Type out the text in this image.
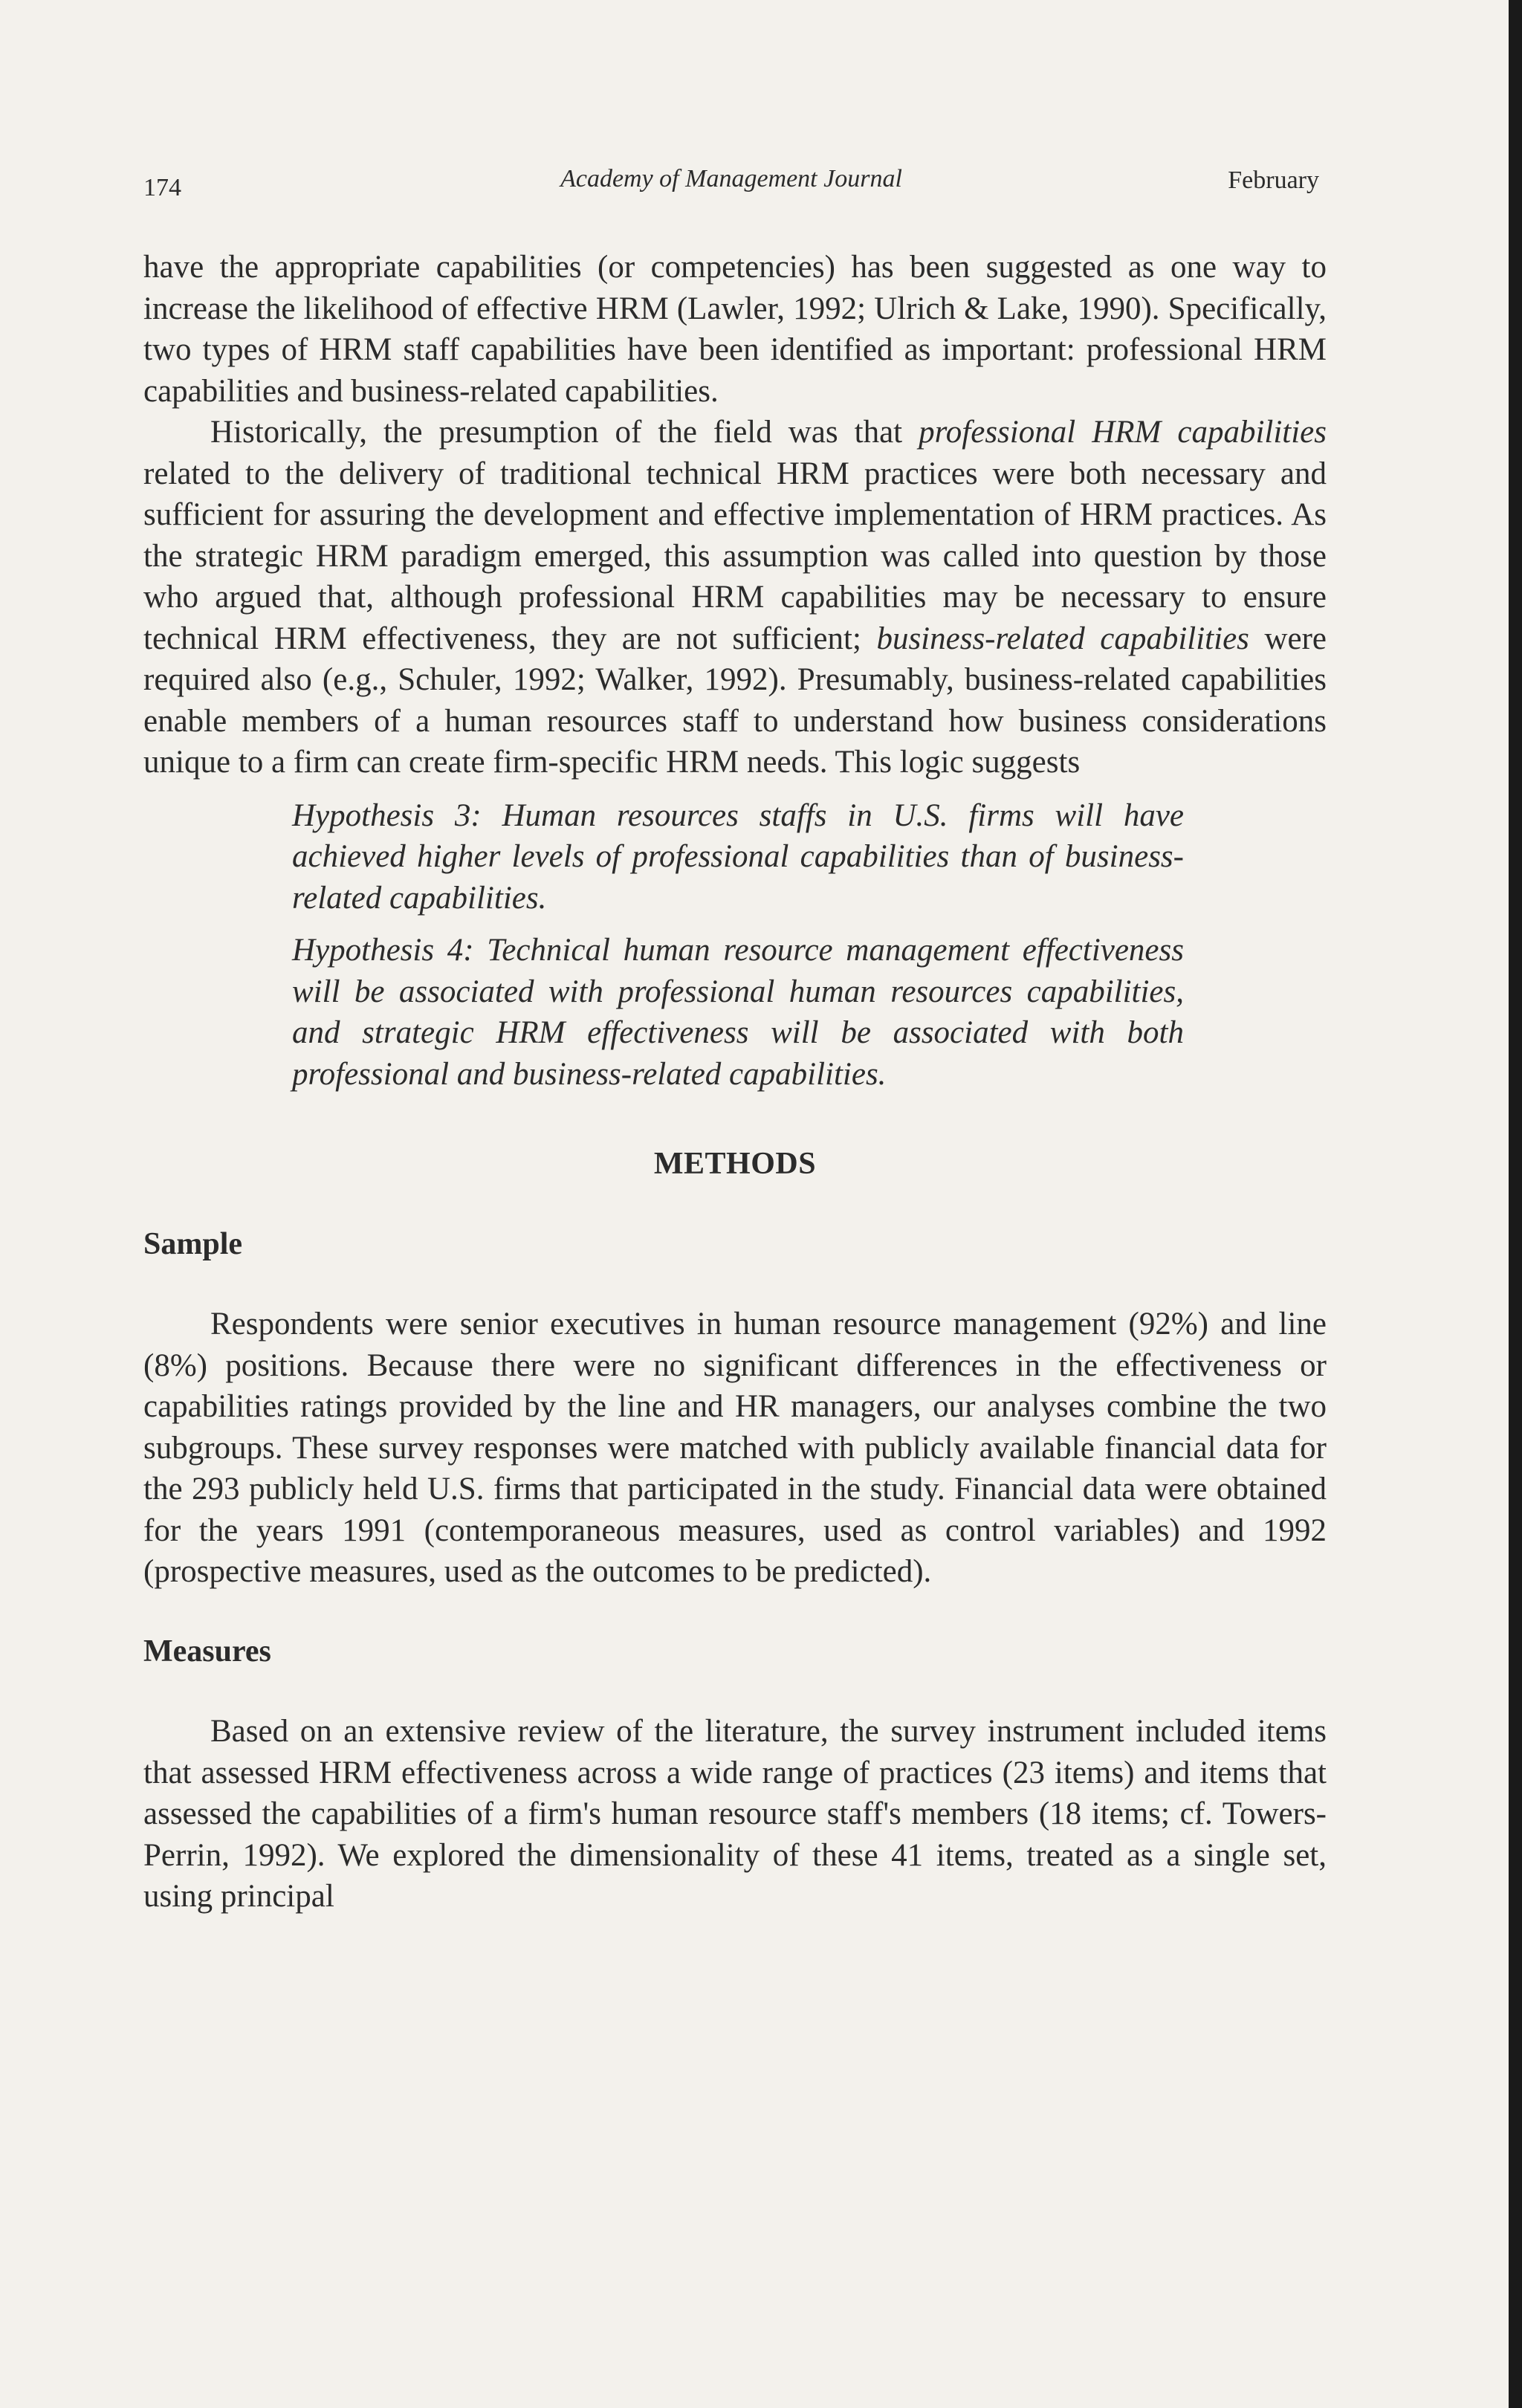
174	Academy of Management Journal	February

have the appropriate capabilities (or competencies) has been suggested as one way to increase the likelihood of effective HRM (Lawler, 1992; Ulrich & Lake, 1990). Specifically, two types of HRM staff capabilities have been identified as important: professional HRM capabilities and business-related capabilities.

Historically, the presumption of the field was that professional HRM capabilities related to the delivery of traditional technical HRM practices were both necessary and sufficient for assuring the development and effective implementation of HRM practices. As the strategic HRM paradigm emerged, this assumption was called into question by those who argued that, although professional HRM capabilities may be necessary to ensure technical HRM effectiveness, they are not sufficient; business-related capabilities were required also (e.g., Schuler, 1992; Walker, 1992). Presumably, business-related capabilities enable members of a human resources staff to understand how business considerations unique to a firm can create firm-specific HRM needs. This logic suggests

Hypothesis 3: Human resources staffs in U.S. firms will have achieved higher levels of professional capabilities than of business-related capabilities.

Hypothesis 4: Technical human resource management effectiveness will be associated with professional human resources capabilities, and strategic HRM effectiveness will be associated with both professional and business-related capabilities.

METHODS

Sample

Respondents were senior executives in human resource management (92%) and line (8%) positions. Because there were no significant differences in the effectiveness or capabilities ratings provided by the line and HR managers, our analyses combine the two subgroups. These survey responses were matched with publicly available financial data for the 293 publicly held U.S. firms that participated in the study. Financial data were obtained for the years 1991 (contemporaneous measures, used as control variables) and 1992 (prospective measures, used as the outcomes to be predicted).

Measures

Based on an extensive review of the literature, the survey instrument included items that assessed HRM effectiveness across a wide range of practices (23 items) and items that assessed the capabilities of a firm's human resource staff's members (18 items; cf. Towers-Perrin, 1992). We explored the dimensionality of these 41 items, treated as a single set, using principal
